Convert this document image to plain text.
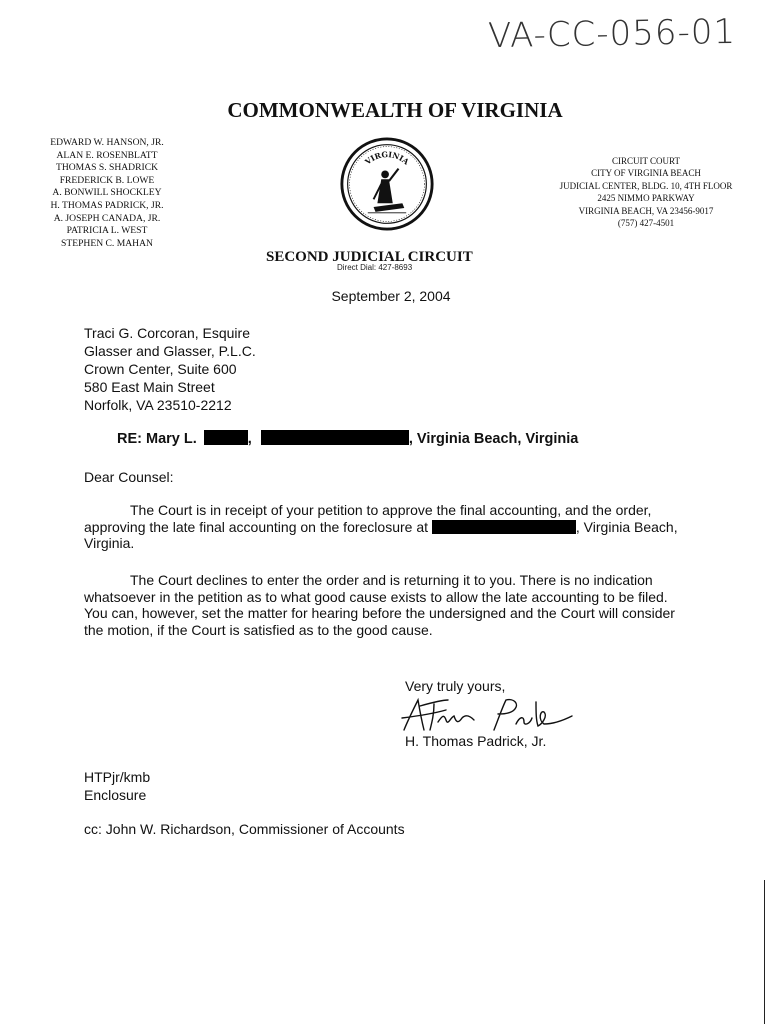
VA-CC-056-01
COMMONWEALTH OF VIRGINIA
EDWARD W. HANSON, JR.
ALAN E. ROSENBLATT
THOMAS S. SHADRICK
FREDERICK B. LOWE
A. BONWILL SHOCKLEY
H. THOMAS PADRICK, JR.
A. JOSEPH CANADA, JR.
PATRICIA L. WEST
STEPHEN C. MAHAN
VIRGINIA	CIRCUIT COURT
CITY OF VIRGINIA BEACH
JUDICIAL CENTER, BLDG. 10, 4TH FLOOR
2425 NIMMO PARKWAY
VIRGINIA BEACH, VA 23456-9017
(757) 427-4501
SECOND JUDICIAL CIRCUIT
Direct Dial: 427-8693
September 2, 2004
Traci G. Corcoran, Esquire
Glasser and Glasser, P.L.C.
Crown Center, Suite 600
580 East Main Street
Norfolk, VA 23510-2212
RE: Mary L.	,	, Virginia Beach, Virginia
Dear Counsel:

The Court is in receipt of your petition to approve the final accounting, and the order, approving the late final accounting on the foreclosure at	, Virginia Beach, Virginia.

The Court declines to enter the order and is returning it to you. There is no indication whatsoever in the petition as to what good cause exists to allow the late accounting to be filed. You can, however, set the matter for hearing before the undersigned and the Court will consider the motion, if the Court is satisfied as to the good cause.

Very truly yours,
H. Thomas Padrick, Jr.
HTPjr/kmb
Enclosure
cc: John W. Richardson, Commissioner of Accounts
